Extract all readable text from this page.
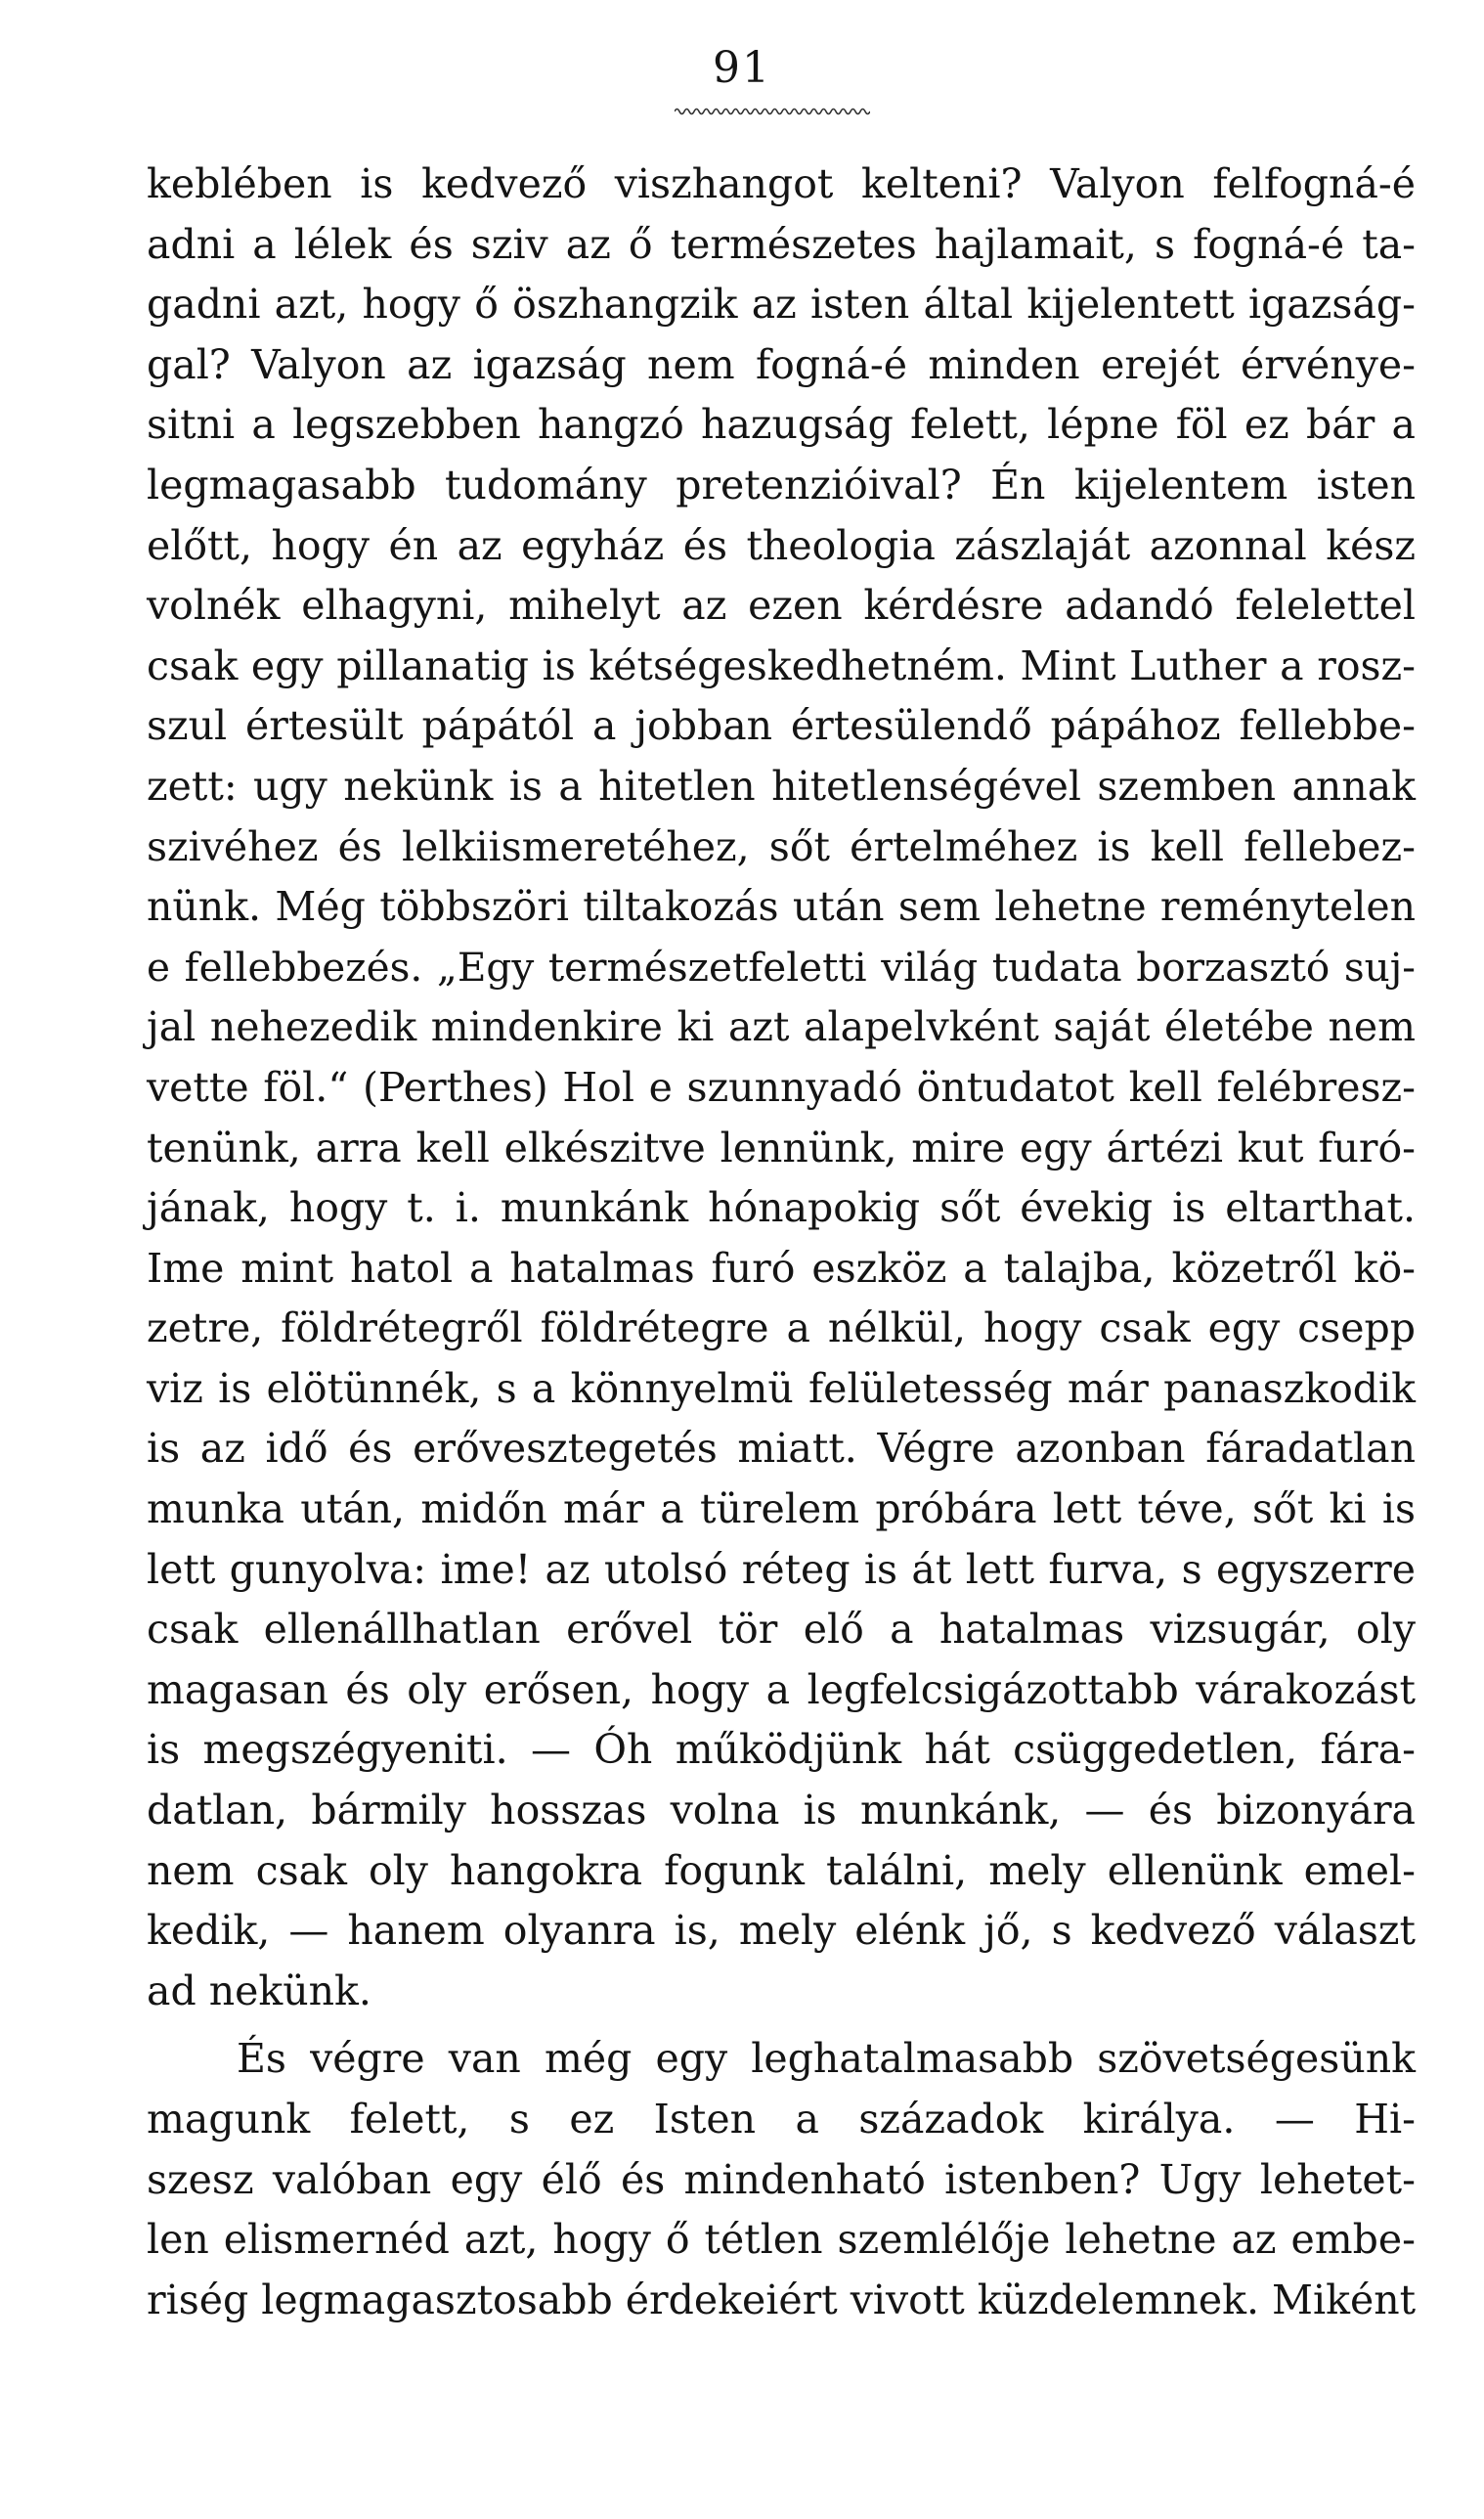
91
keblében is kedvező viszhangot kelteni? Valyon felfogná-é
adni a lélek és sziv az ő természetes hajlamait, s fogná-é ta-
gadni azt, hogy ő öszhangzik az isten által kijelentett igazság-
gal? Valyon az igazság nem fogná-é minden erejét érvénye-
sitni a legszebben hangzó hazugság felett, lépne föl ez bár a
legmagasabb tudomány pretenzióival? Én kijelentem isten
előtt, hogy én az egyház és theologia zászlaját azonnal kész
volnék elhagyni, mihelyt az ezen kérdésre adandó felelettel
csak egy pillanatig is kétségeskedhetném. Mint Luther a rosz-
szul értesült pápától a jobban értesülendő pápához fellebbe-
zett: ugy nekünk is a hitetlen hitetlenségével szemben annak
szivéhez és lelkiismeretéhez, sőt értelméhez is kell fellebez-
nünk. Még többszöri tiltakozás után sem lehetne reménytelen
e fellebbezés. „Egy természetfeletti világ tudata borzasztó suj-
jal nehezedik mindenkire ki azt alapelvként saját életébe nem
vette föl.“ (Perthes) Hol e szunnyadó öntudatot kell felébresz-
tenünk, arra kell elkészitve lennünk, mire egy ártézi kut furó-
jának, hogy t. i. munkánk hónapokig sőt évekig is eltarthat.
Ime mint hatol a hatalmas furó eszköz a talajba, közetről kö-
zetre, földrétegről földrétegre a nélkül, hogy csak egy csepp
viz is elötünnék, s a könnyelmü felületesség már panaszkodik
is az idő és erővesztegetés miatt. Végre azonban fáradatlan
munka után, midőn már a türelem próbára lett téve, sőt ki is
lett gunyolva: ime! az utolsó réteg is át lett furva, s egyszerre
csak ellenállhatlan erővel tör elő a hatalmas vizsugár, oly
magasan és oly erősen, hogy a legfelcsigázottabb várakozást
is megszégyeniti. — Óh működjünk hát csüggedetlen, fára-
datlan, bármily hosszas volna is munkánk, — és bizonyára
nem csak oly hangokra fogunk találni, mely ellenünk emel-
kedik, — hanem olyanra is, mely elénk jő, s kedvező választ
ad nekünk.
És végre van még egy leghatalmasabb szövetségesünk
magunk felett, s ez Isten a századok királya. — Hi-
szesz valóban egy élő és mindenható istenben? Ugy lehetet-
len elismernéd azt, hogy ő tétlen szemlélője lehetne az embe-
riség legmagasztosabb érdekeiért vivott küzdelemnek. Miként
